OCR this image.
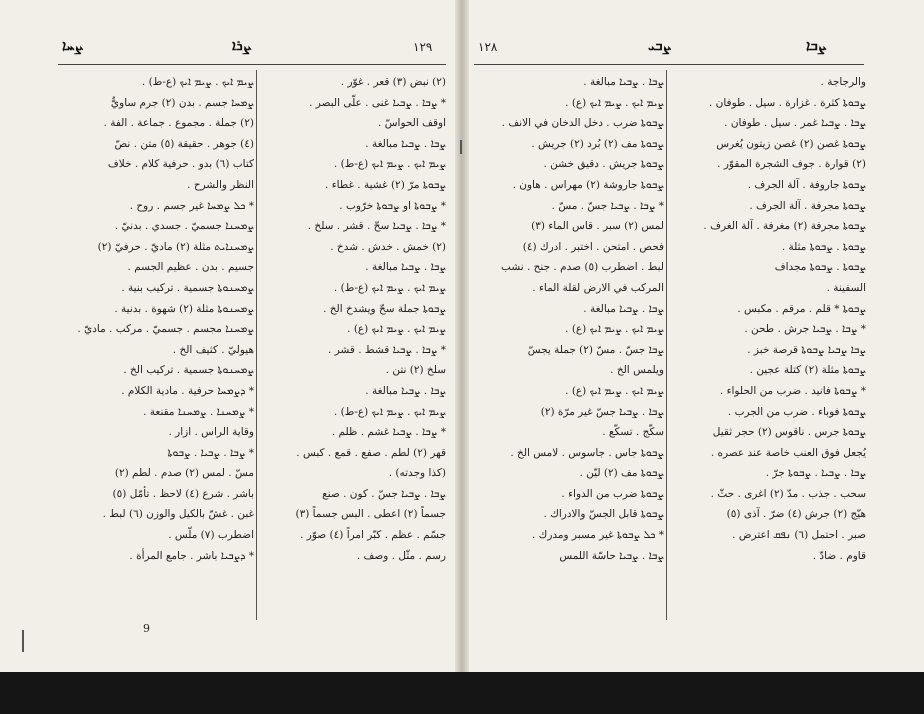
ܨܚܐ	ܨܪܐ	١٢٩
ܨܝܡ ܐܝܟ . ܨܝܡ ܐܝܟ (ع-ط) .
ܨܡܚܐ جسم . بدن (٢) جرم ساويٌّ
(٢) جملة . مجموع . جماعة . الفة .
(٤) جوهر . حقيقة (٥) متن . نصّ
كتاب (٦) بدو . حرفية كلام . خلاف
النظر والشرح .
* ܟܠ ܨܡܚܐ غير جسم . روح .
ܨܡܚܢܐ جسميّ . جسدي . بدنيّ .
ܨܡܚܢܐܝܬ مثلة (٢) ماديّ . حرفيّ (٢)
جسيم . بدن . عظيم الجسم .
ܨܡܚܢܘܬܐ جسمية . تركيب بنية .
ܨܡܚܢܘܬܐ مثلة (٢) شهوة . بدنية .
ܨܡܚܢܐ مجسم . جسميّ . مركب . ماديّ .
هيوليّ . كثيف الخ .
ܨܡܚܢܘܬܐ جسمية . تركيب الخ .
* ܕܨܡܚܐ حرفية . مادية الكلام .
* ܨܡܚܢܐ . ܨܡܚܢܐ مقنعة .
وقاية الراس . ازار .
* ܨܒܐ . ܨܒܝܐ . ܨܒܘܬܐ
مسّ . لمس (٢) صدم . لطم (٢)
باشر . شرع (٤) لاحظ . تأمّل (٥)
غبن . غشّ بالكيل والوزن (٦) لبط .
اضطرب (٧) ملّس .
* ܕܨܒܝܐ باشر . جامع المرأة .
(٢) نبض (٣) قعر . غوّر .
* ܨܒܐ . ܨܒܝܐ غنى . علّى البصر .
اوقف الحواسّ .
ܨܒܐ . ܨܒܝܐ مبالغة .
ܨܝܡ ܐܝܟ . ܨܝܡ ܐܝܟ (ع-ط) .
ܨܒܘܬܐ مرّ (٢) غشية . غطاء .
* ܨܒܘܬܐ او ܨܒܘܬܐ خرّوب .
* ܨܒܐ . ܨܒܝܐ سحّ . قشر . سلخ .
(٢) خمش . خدش . شدخ .
ܨܒܐ . ܨܒܝܐ مبالغة .
ܨܝܡ ܐܝܟ . ܨܝܡ ܐܝܟ (ع-ط) .
ܨܒܘܬܐ جملة سحّ ويشدخ الخ .
ܨܝܡ ܐܝܟ . ܨܝܡ ܐܝܟ (ع) .
* ܨܒܐ . ܨܒܝܐ قشط . قشر .
سلخ (٢) نتن .
ܨܒܐ . ܨܒܝܐ مبالغة .
ܨܝܡ ܐܝܟ . ܨܝܡ ܐܝܟ (ع-ط) .
* ܨܒܐ . ܨܒܝܐ غشم . ظلم .
قهر (٢) لطم . صفع . قمع . كبس .
(كذا وجدته) .
ܨܒܐ . ܨܒܝܐ جسّ . كون . صنع
جسماً (٢) اعطى . البس جسماً (٣)
جسّم . عظم . كبّر امراً (٤) صوّر .
رسم . مثّل . وصف .
9
١٢٨	ܨܒܝ	ܨܒܐ
ܨܒܐ . ܨܒܝܐ مبالغة .
ܨܝܡ ܐܝܟ . ܨܝܡ ܐܝܟ (ع) .
ܨܒܘܬܐ ضرب . دخل الدخان في الانف .
ܨܒܘܬܐ مف (٢) بُرد (٢) جريش .
ܨܒܘܬܐ جريش . دقيق خشن .
ܨܒܘܬܐ جاروشة (٢) مهراس . هاون .
* ܨܒܐ . ܨܒܝܐ جسّ . مسّ .
لمس (٢) سبر . قاس الماء (٣)
فحص . امتحن . اختبر . ادرك (٤)
لبط . اضطرب (٥) صدم . جنح . نشب
المركب في الارض لقلة الماء .
ܨܒܐ . ܨܒܝܐ مبالغة .
ܨܝܡ ܐܝܟ . ܨܝܡ ܐܝܟ (ع) .
ܨܒܐ جسّ . مسّ (٢) جملة يجسّ
ويلمس الخ .
ܨܝܡ ܐܝܟ . ܨܝܡ ܐܝܟ (ع) .
ܨܒܐ . ܨܒܝܐ جسّ غير مرّة (٢)
سكّج . تسكّع .
ܨܒܘܬܐ جاس . جاسوس . لامس الخ .
ܨܒܘܬܐ مف (٢) ليّن .
ܨܒܘܬܐ ضرب من الدواء .
ܨܒܘܬܐ قابل الجسّ والادراك .
* ܟܠ ܨܒܘܬܐ غير مسبر ومدرك .
ܨܒܐ . ܨܒܝܐ حاسّة اللمس
والرجاجة .
ܨܒܘܬܐ كثرة . غزارة . سيل . طوفان .
ܨܒܐ . ܨܒܝܐ غمر . سيل . طوفان .
ܨܒܘܬܐ غصن (٢) غصن زيتون يُغرس
(٢) قوارة . جوف الشجرة المقوّر .
ܨܒܘܬܐ جاروفة . آلة الجرف .
ܨܒܘܬܐ مجرفة . آلة الجرف .
ܨܒܘܬܐ مجرفة (٢) مغرفة . آلة الغرف .
ܨܒܘܬܐ . ܨܒܘܬܐ مثلة .
ܨܒܘܬܐ . ܨܒܘܬܐ مجداف
السفينة .
ܨܒܘܬܐ * قلم . مرقم . مكبس .
* ܨܒܐ . ܨܒܝܐ جرش . طحن .
ܨܒܐ ܨܒܝܐ ܨܒܘܬܐ قرصة خبز .
ܨܒܘܬܐ مثلة (٢) كتلة عجين .
* ܨܒܘܬܐ فانيد . ضرب من الحلواء .
ܨܒܘܬܐ فوباء . ضرب من الجرب .
ܨܒܘܬܐ جرس . ناقوس (٢) حجر ثقيل
يُجعل فوق العنب خاصة عند عصره .
ܨܒܐ . ܨܒܝܐ . ܨܒܘܬܐ جرّ .
سحب . جذب . مدّ (٢) اغرى . حثّ .
هيّج (٢) جرش (٤) ضرّ . آذى (٥)
صبر . احتمل (٦) ܢܦܩ اعترض .
قاوم . ضادّ .
